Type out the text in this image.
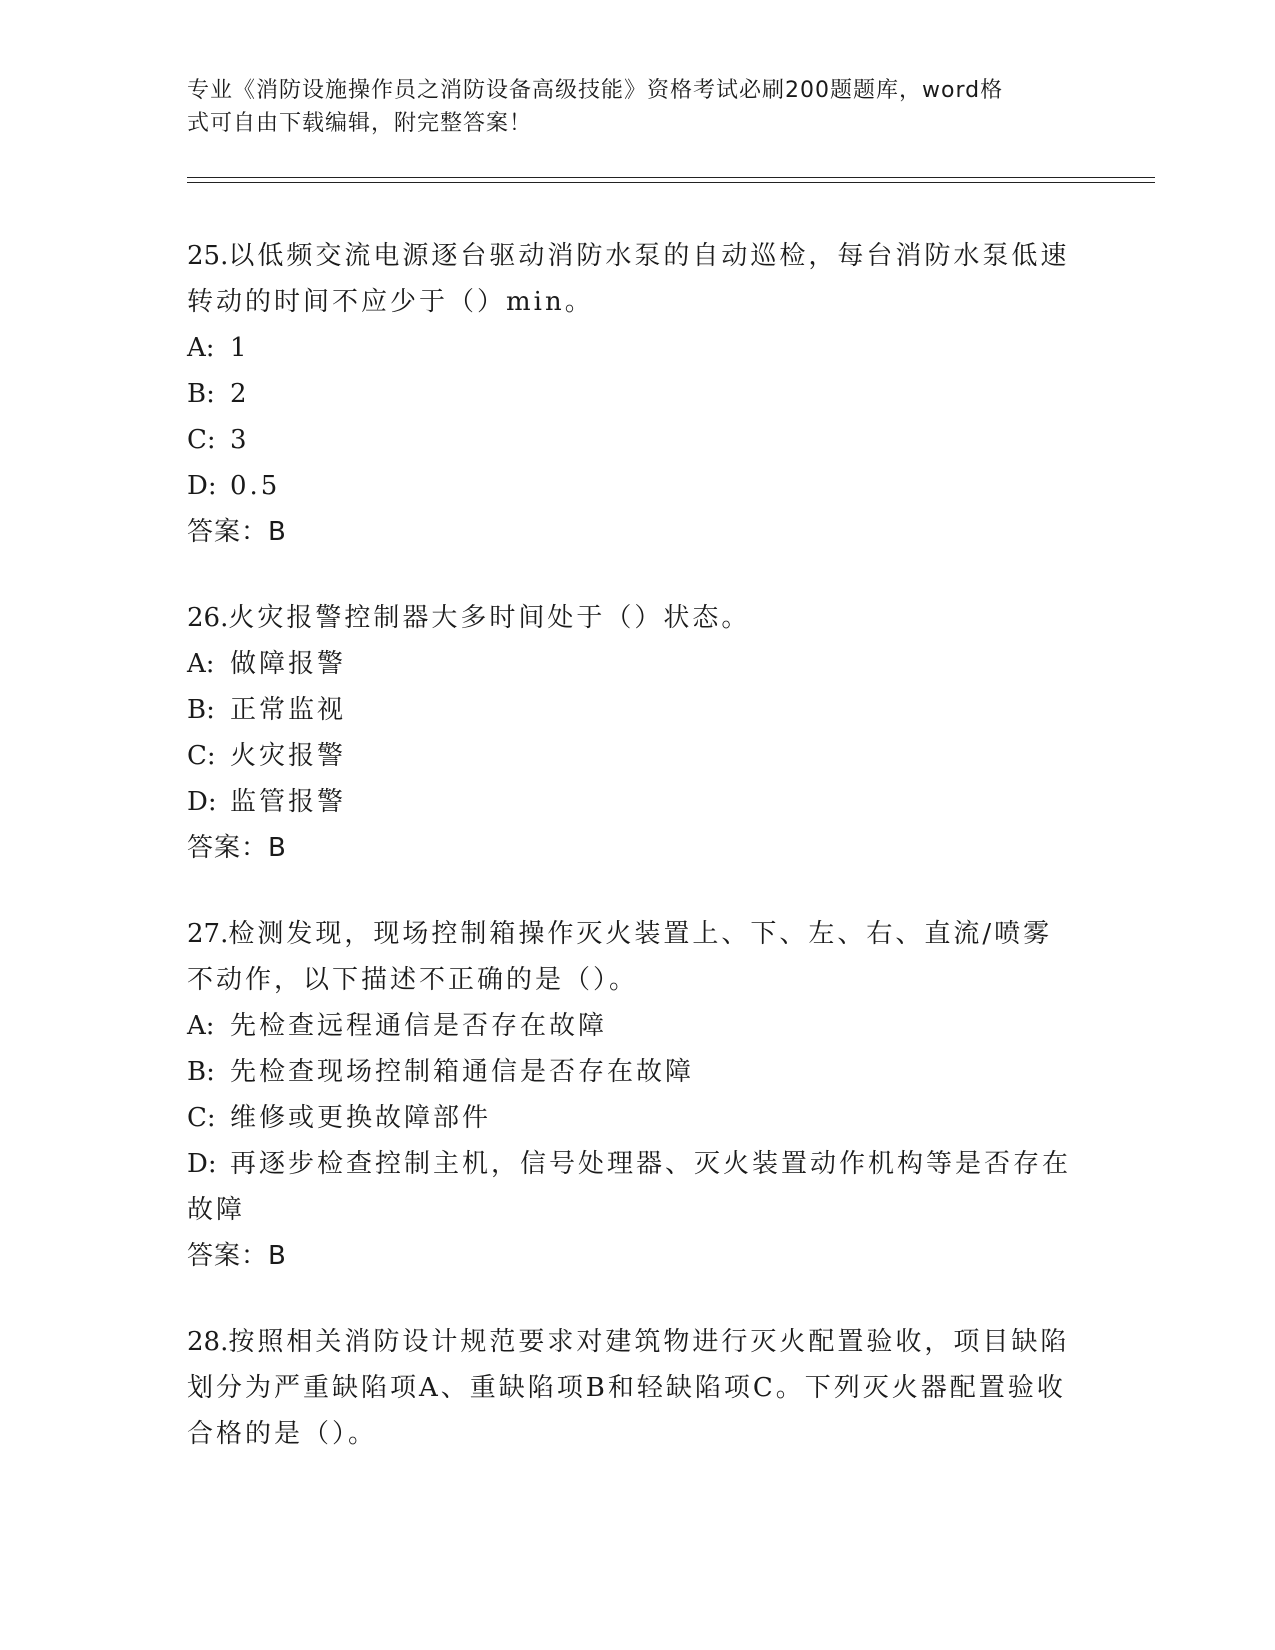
专业《消防设施操作员之消防设备高级技能》资格考试必刷200题题库，word格
式可自由下载编辑，附完整答案！

25.以低频交流电源逐台驱动消防水泵的自动巡检，每台消防水泵低速

转动的时间不应少于（）min。

A: 1

B: 2

C: 3

D: 0.5

答案：B

26.火灾报警控制器大多时间处于（）状态。

A: 做障报警

B: 正常监视

C: 火灾报警

D: 监管报警

答案：B

27.检测发现，现场控制箱操作灭火装置上、下、左、右、直流/喷雾

不动作，以下描述不正确的是（）。

A: 先检查远程通信是否存在故障

B: 先检查现场控制箱通信是否存在故障

C: 维修或更换故障部件

D: 再逐步检查控制主机，信号处理器、灭火装置动作机构等是否存在

故障

答案：B

28.按照相关消防设计规范要求对建筑物进行灭火配置验收，项目缺陷

划分为严重缺陷项A、重缺陷项B和轻缺陷项C。下列灭火器配置验收

合格的是（）。
